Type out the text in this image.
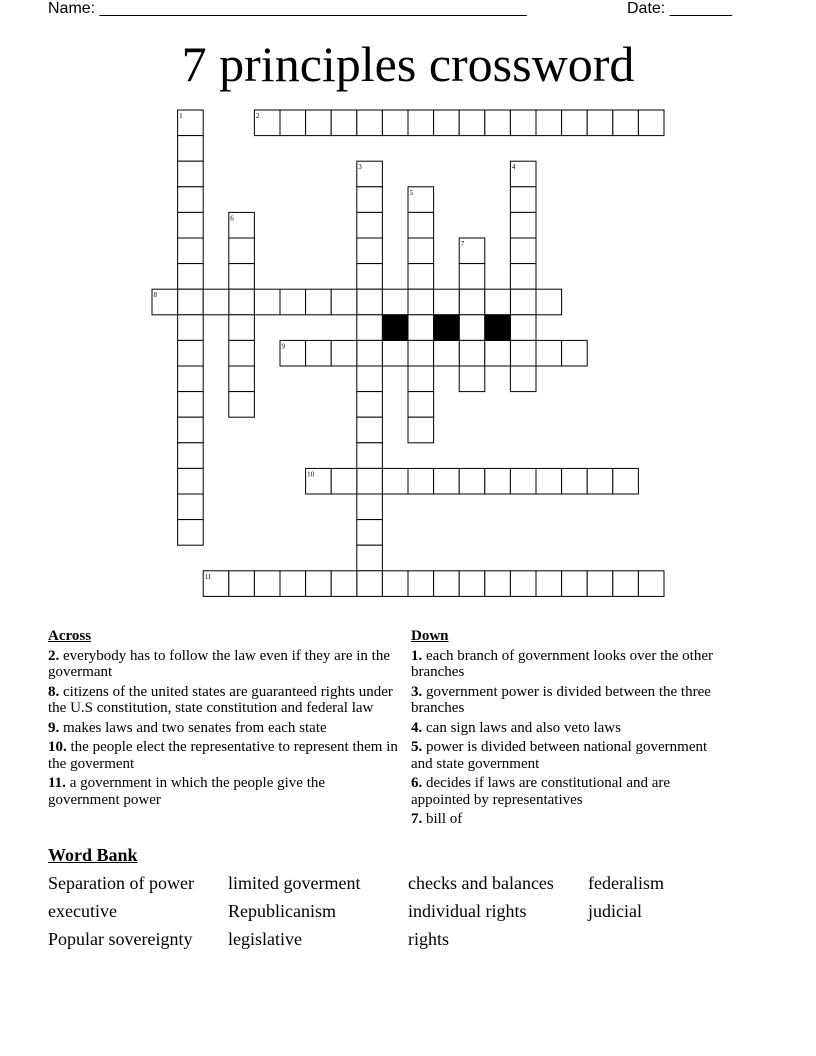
Name: ________________________________________________	Date: _______
7 principles crossword
1	2
3	4
5
6
7
8
9
10
11
Across
2. everybody has to follow the law even if they are in the govermant
8. citizens of the united states are guaranteed rights under the U.S constitution, state constitution and federal law
9. makes laws and two senates from each state
10. the people elect the representative to represent them in the goverment
11. a government in which the people give the government power
Down
1. each branch of government looks over the other branches
3. government power is divided between the three branches
4. can sign laws and also veto laws
5. power is divided between national government and state government
6. decides if laws are constitutional and are appointed by representatives
7. bill of
Word Bank
Separation of power	limited goverment	checks and balances	federalism
executive	Republicanism	individual rights	judicial
Popular sovereignty	legislative	rights
